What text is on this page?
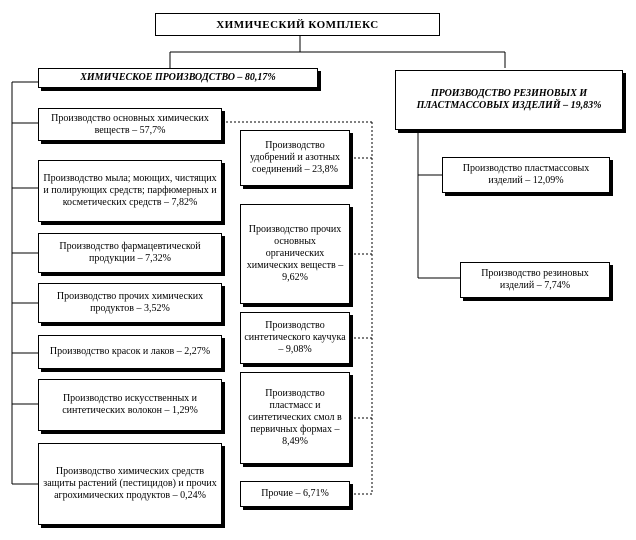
ХИМИЧЕСКИЙ КОМПЛЕКС
ХИМИЧЕСКОЕ ПРОИЗВОДСТВО – 80,17%
ПРОИЗВОДСТВО РЕЗИНОВЫХ И ПЛАСТМАССОВЫХ ИЗДЕЛИЙ – 19,83%
Производство основных химических веществ – 57,7%
Производство мыла; моющих, чистящих и полирующих средств; парфюмерных и косметических средств – 7,82%
Производство фармацевтической продукции – 7,32%
Производство прочих химических продуктов – 3,52%
Производство красок и лаков – 2,27%
Производство искусственных и синтетических волокон – 1,29%
Производство химических средств защиты растений (пестицидов) и прочих агрохимических продуктов – 0,24%
Производство удобрений и азотных соединений – 23,8%
Производство прочих основных органических химических веществ – 9,62%
Производство синтетического каучука – 9,08%
Производство пластмасс и синтетических смол в первичных формах – 8,49%
Прочие – 6,71%
Производство пластмассовых изделий – 12,09%
Производство резиновых изделий – 7,74%
